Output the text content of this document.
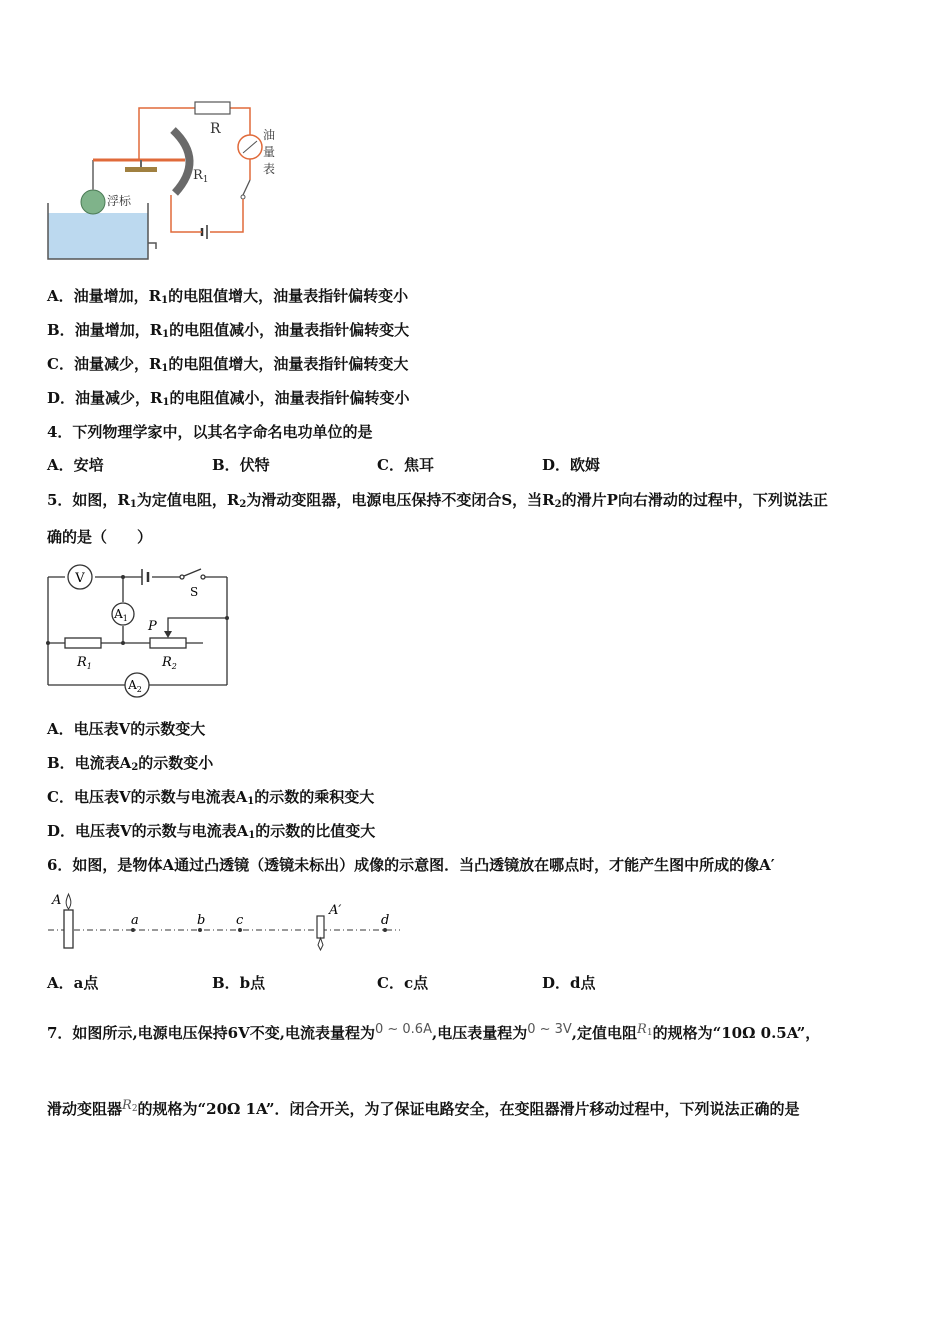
R
$R_1$
浮标
油 量 表
A．油量增加，$R_1$的电阻值增大，油量表指针偏转变小
B．油量增加，$R_1$的电阻值减小，油量表指针偏转变大
C．油量减少，$R_1$的电阻值增大，油量表指针偏转变大
D．油量减少，$R_1$的电阻值减小，油量表指针偏转变小
4．下列物理学家中，以其名字命名电功单位的是
A．安培	B．伏特	C．焦耳	D．欧姆
5．如图，$R_1$为定值电阻，$R_2$为滑动变阻器，电源电压保持不变闭合S，当$R_2$的滑片P向右滑动的过程中，下列说法正
确的是（　　）
V
$A_1$
$A_2$
$R_1$	$R_2$
P
S
A．电压表V的示数变大
B．电流表$A_2$的示数变小
C．电压表V的示数与电流表$A_1$的示数的乘积变大
D．电压表V的示数与电流表$A_1$的示数的比值变大
6．如图，是物体A通过凸透镜（透镜未标出）成像的示意图．当凸透镜放在哪点时，才能产生图中所成的像A′
A
a	b c	d
A′
A．a点	B．b点	C．c点	D．d点
7．如图所示,电源电压保持6V不变,电流表量程为0 ~ 0.6A,电压表量程为0 ~ 3V,定值电阻$R^1$的规格为“10Ω 0.5A”，
滑动变阻器$R^2$的规格为“20Ω 1A”．闭合开关，为了保证电路安全，在变阻器滑片移动过程中，下列说法正确的是
